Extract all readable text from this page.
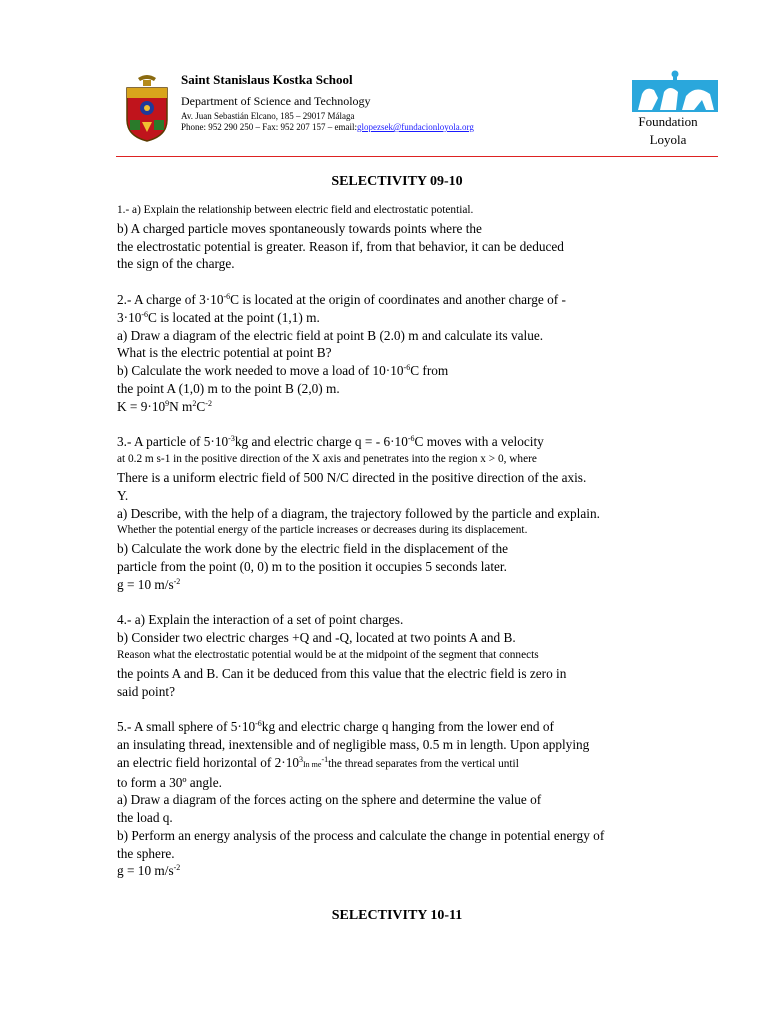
Saint Stanislaus Kostka School
Department of Science and Technology
Av. Juan Sebastián Elcano, 185 – 29017 Málaga
Phone: 952 290 250 – Fax: 952 207 157 – email:glopezsek@fundacionloyola.org	Foundation
Loyola
SELECTIVITY 09-10
1.- a) Explain the relationship between electric field and electrostatic potential.
b) A charged particle moves spontaneously towards points where the
the electrostatic potential is greater. Reason if, from that behavior, it can be deduced
the sign of the charge.
2.- A charge of $3\cdot 10^{-6}C$ is located at the origin of coordinates and another charge of -
$3\cdot 10^{-6}C$ is located at the point (1,1) m.
a) Draw a diagram of the electric field at point B (2.0) m and calculate its value.
What is the electric potential at point B?
b) Calculate the work needed to move a load of $10\cdot 10^{-6}C$ from
the point A (1,0) m to the point B (2,0) m.
$K = 9\cdot 10^9N$ $m^2C^{-2}$
3.- A particle of $5\cdot 10^{-3}kg$ and electric charge q = - $6\cdot 10^{-6}C$ moves with a velocity
at 0.2 m s-1 in the positive direction of the X axis and penetrates into the region x > 0, where
There is a uniform electric field of 500 N/C directed in the positive direction of the axis.
Y.
a) Describe, with the help of a diagram, the trajectory followed by the particle and explain.
Whether the potential energy of the particle increases or decreases during its displacement.
b) Calculate the work done by the electric field in the displacement of the
particle from the point (0, 0) m to the position it occupies 5 seconds later.
g = 10 $m/s^{-2}$
4.- a) Explain the interaction of a set of point charges.
b) Consider two electric charges +Q and -Q, located at two points A and B.
Reason what the electrostatic potential would be at the midpoint of the segment that connects
the points A and B. Can it be deduced from this value that the electric field is zero in
said point?
5.- A small sphere of $5\cdot 10^{-6}kg$ and electric charge q hanging from the lower end of
an insulating thread, inextensible and of negligible mass, 0.5 m in length. Upon applying
an electric field horizontal of $2\cdot 10^3In$ $me^{-1}the$ thread separates from the vertical until
to form a 30º angle.
a) Draw a diagram of the forces acting on the sphere and determine the value of
the load q.
b) Perform an energy analysis of the process and calculate the change in potential energy of
the sphere.
g = 10 $m/s^{-2}$
SELECTIVITY 10-11
